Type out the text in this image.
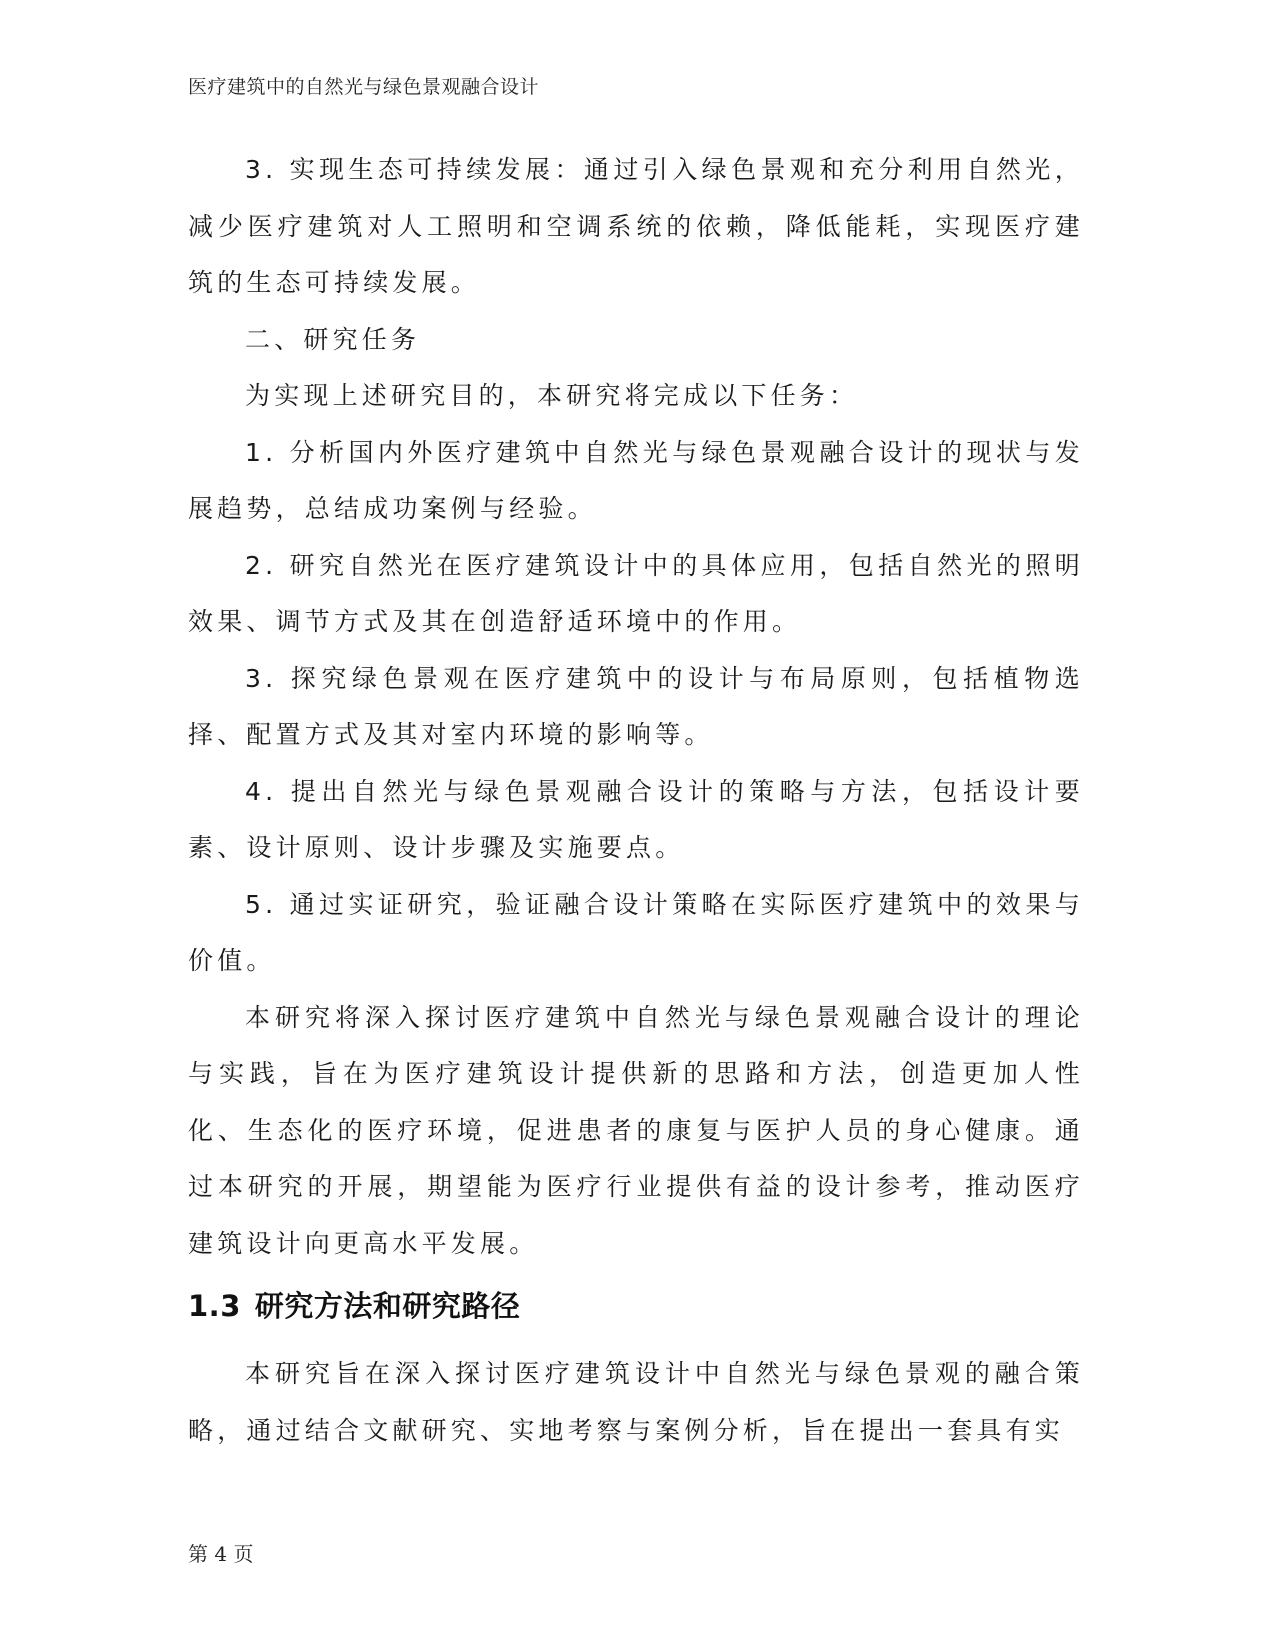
医疗建筑中的自然光与绿色景观融合设计

3. 实现生态可持续发展：通过引入绿色景观和充分利用自然光，减少医疗建筑对人工照明和空调系统的依赖，降低能耗，实现医疗建筑的生态可持续发展。

二、研究任务

为实现上述研究目的，本研究将完成以下任务：

1. 分析国内外医疗建筑中自然光与绿色景观融合设计的现状与发展趋势，总结成功案例与经验。

2. 研究自然光在医疗建筑设计中的具体应用，包括自然光的照明效果、调节方式及其在创造舒适环境中的作用。

3. 探究绿色景观在医疗建筑中的设计与布局原则，包括植物选择、配置方式及其对室内环境的影响等。

4. 提出自然光与绿色景观融合设计的策略与方法，包括设计要素、设计原则、设计步骤及实施要点。

5. 通过实证研究，验证融合设计策略在实际医疗建筑中的效果与价值。

本研究将深入探讨医疗建筑中自然光与绿色景观融合设计的理论与实践，旨在为医疗建筑设计提供新的思路和方法，创造更加人性化、生态化的医疗环境，促进患者的康复与医护人员的身心健康。通过本研究的开展，期望能为医疗行业提供有益的设计参考，推动医疗建筑设计向更高水平发展。

1.3 研究方法和研究路径

本研究旨在深入探讨医疗建筑设计中自然光与绿色景观的融合策略，通过结合文献研究、实地考察与案例分析，旨在提出一套具有实

第 4 页
